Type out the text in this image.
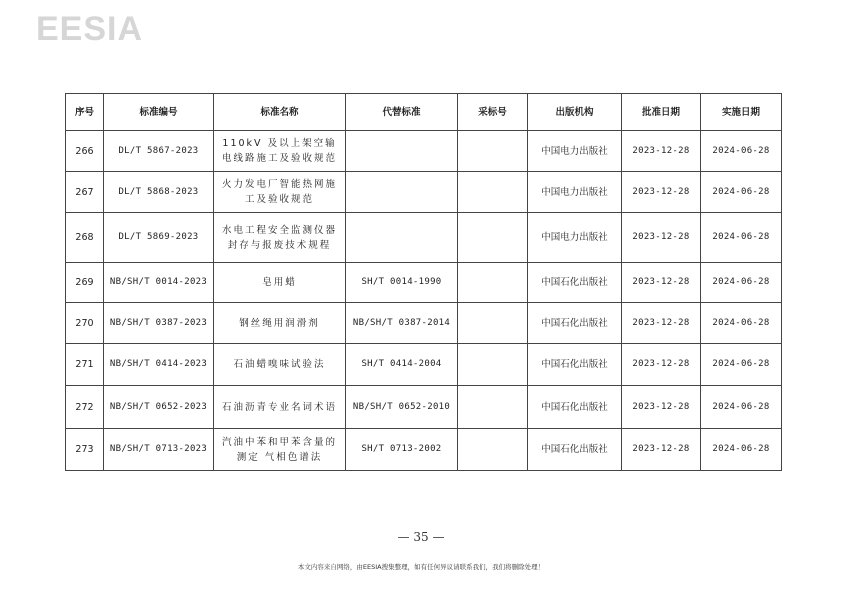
EESIA
序号	标准编号	标准名称	代替标准	采标号	出版机构	批准日期	实施日期
266	DL/T 5867-2023	110kV 及以上架空输电线路施工及验收规范			中国电力出版社	2023-12-28	2024-06-28
267	DL/T 5868-2023	火力发电厂智能热网施工及验收规范			中国电力出版社	2023-12-28	2024-06-28
268	DL/T 5869-2023	水电工程安全监测仪器封存与报废技术规程			中国电力出版社	2023-12-28	2024-06-28
269	NB/SH/T 0014-2023	皂用蜡	SH/T 0014-1990		中国石化出版社	2023-12-28	2024-06-28
270	NB/SH/T 0387-2023	钢丝绳用润滑剂	NB/SH/T 0387-2014		中国石化出版社	2023-12-28	2024-06-28
271	NB/SH/T 0414-2023	石油蜡嗅味试验法	SH/T 0414-2004		中国石化出版社	2023-12-28	2024-06-28
272	NB/SH/T 0652-2023	石油沥青专业名词术语	NB/SH/T 0652-2010		中国石化出版社	2023-12-28	2024-06-28
273	NB/SH/T 0713-2023	汽油中苯和甲苯含量的测定 气相色谱法	SH/T 0713-2002		中国石化出版社	2023-12-28	2024-06-28
— 35 —
本文内容来自网络，由EESIA搜集整理，如有任何异议请联系我们，我们将删除处理！
